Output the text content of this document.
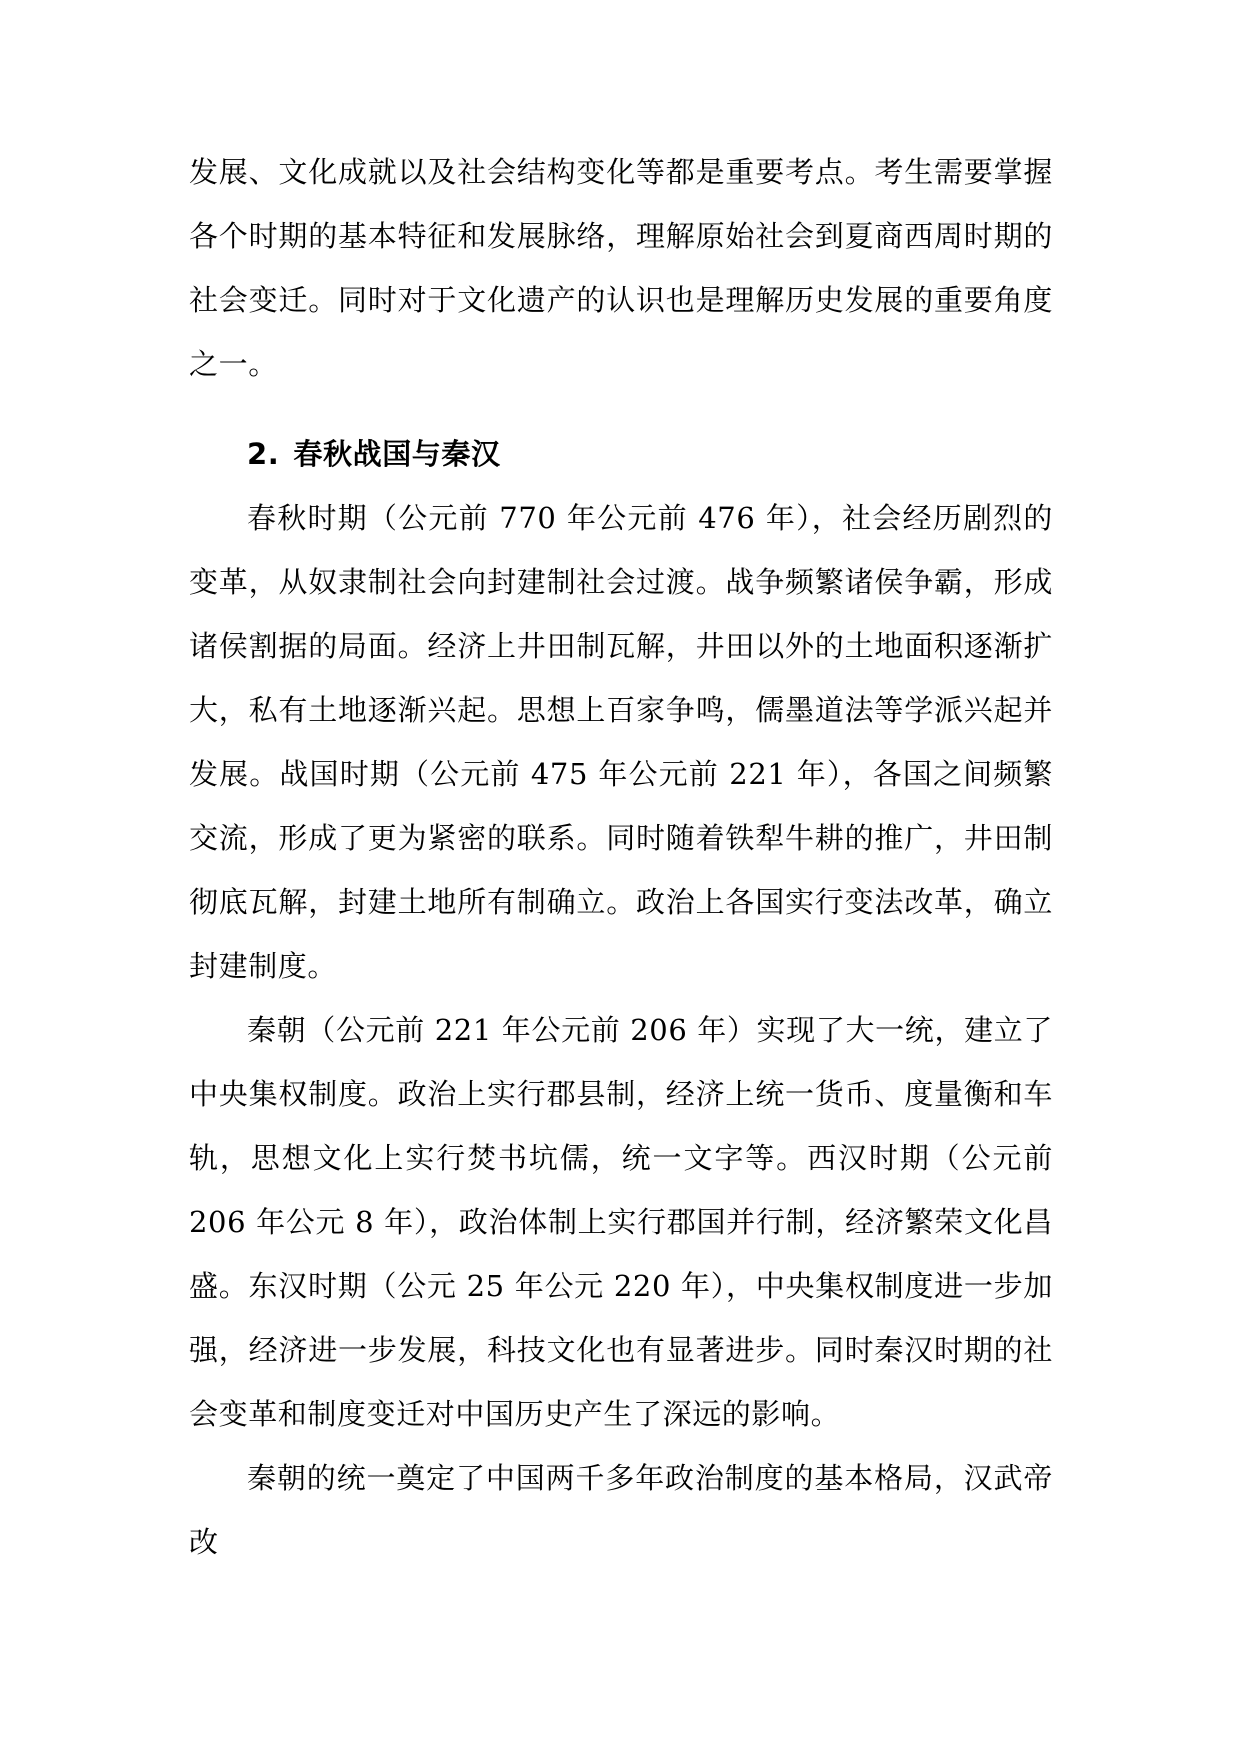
发展、文化成就以及社会结构变化等都是重要考点。考生需要掌握各个时期的基本特征和发展脉络，理解原始社会到夏商西周时期的社会变迁。同时对于文化遗产的认识也是理解历史发展的重要角度之一。

2. 春秋战国与秦汉

春秋时期（公元前 770 年公元前 476 年），社会经历剧烈的变革，从奴隶制社会向封建制社会过渡。战争频繁诸侯争霸，形成诸侯割据的局面。经济上井田制瓦解，井田以外的土地面积逐渐扩大，私有土地逐渐兴起。思想上百家争鸣，儒墨道法等学派兴起并发展。战国时期（公元前 475 年公元前 221 年），各国之间频繁交流，形成了更为紧密的联系。同时随着铁犁牛耕的推广，井田制彻底瓦解，封建土地所有制确立。政治上各国实行变法改革，确立封建制度。

秦朝（公元前 221 年公元前 206 年）实现了大一统，建立了中央集权制度。政治上实行郡县制，经济上统一货币、度量衡和车轨，思想文化上实行焚书坑儒，统一文字等。西汉时期（公元前 206 年公元 8 年），政治体制上实行郡国并行制，经济繁荣文化昌盛。东汉时期（公元 25 年公元 220 年），中央集权制度进一步加强，经济进一步发展，科技文化也有显著进步。同时秦汉时期的社会变革和制度变迁对中国历史产生了深远的影响。

秦朝的统一奠定了中国两千多年政治制度的基本格局，汉武帝改
